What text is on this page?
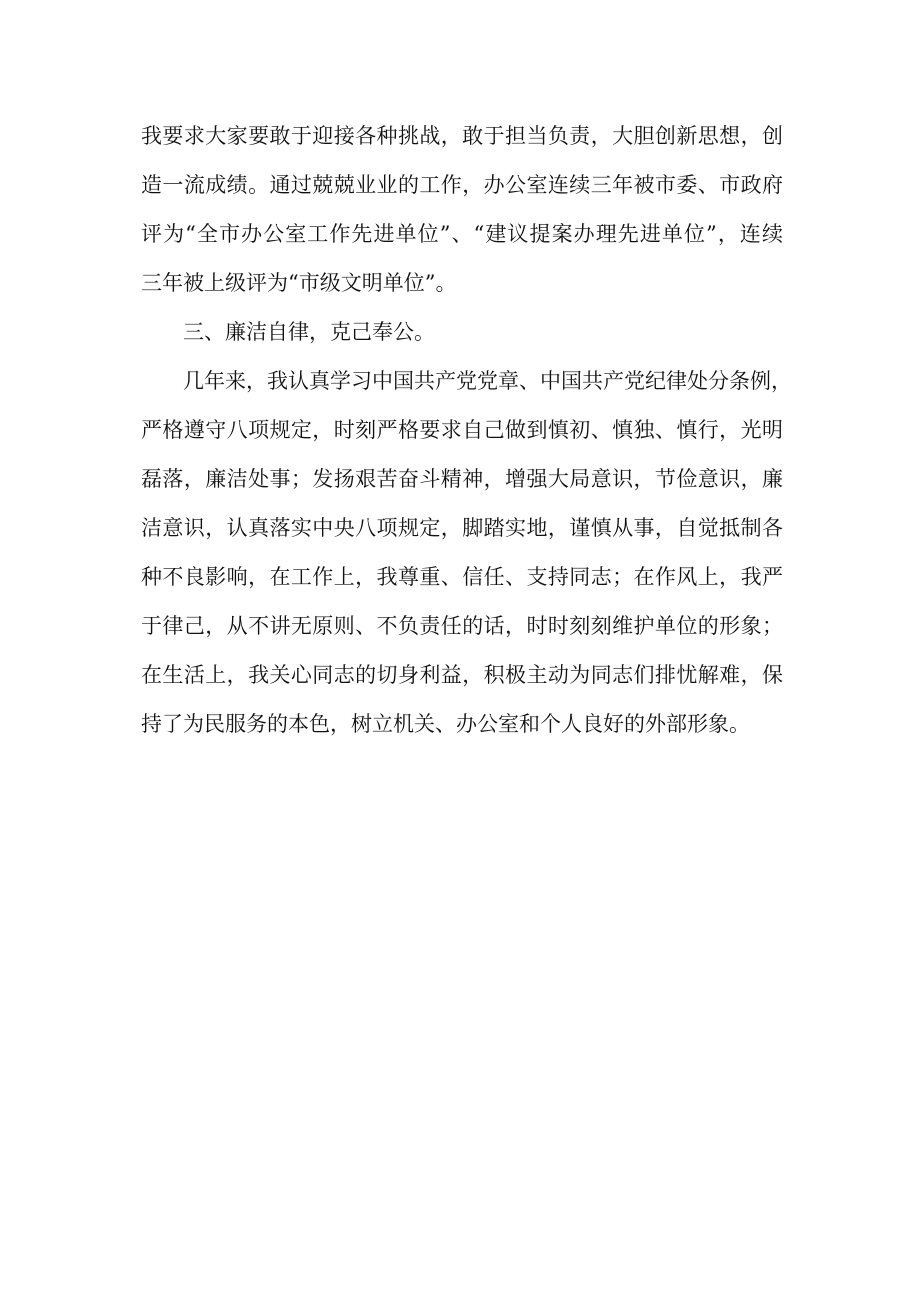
我要求大家要敢于迎接各种挑战，敢于担当负责，大胆创新思想，创
造一流成绩。通过兢兢业业的工作，办公室连续三年被市委、市政府
评为“全市办公室工作先进单位”、“建议提案办理先进单位”，连续
三年被上级评为“市级文明单位”。
三、廉洁自律，克己奉公。
几年来，我认真学习中国共产党党章、中国共产党纪律处分条例，
严格遵守八项规定，时刻严格要求自己做到慎初、慎独、慎行，光明
磊落，廉洁处事；发扬艰苦奋斗精神，增强大局意识，节俭意识，廉
洁意识，认真落实中央八项规定，脚踏实地，谨慎从事，自觉抵制各
种不良影响，在工作上，我尊重、信任、支持同志；在作风上，我严
于律己，从不讲无原则、不负责任的话，时时刻刻维护单位的形象；
在生活上，我关心同志的切身利益，积极主动为同志们排忧解难，保
持了为民服务的本色，树立机关、办公室和个人良好的外部形象。
